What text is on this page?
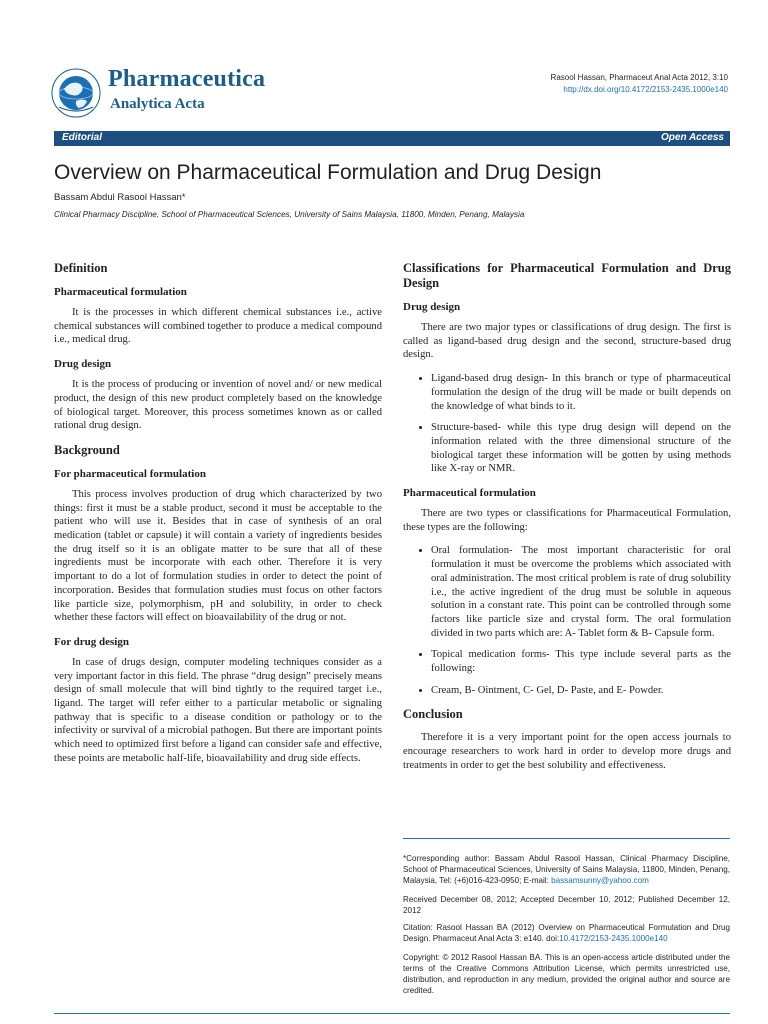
Pharmaceutica
Analytica Acta
Rasool Hassan, Pharmaceut Anal Acta 2012, 3:10
http://dx.doi.org/10.4172/2153-2435.1000e140
Editorial	Open Access
Overview on Pharmaceutical Formulation and Drug Design
Bassam Abdul Rasool Hassan*
Clinical Pharmacy Discipline, School of Pharmaceutical Sciences, University of Sains Malaysia, 11800, Minden, Penang, Malaysia
Definition
Pharmaceutical formulation

It is the processes in which different chemical substances i.e., active chemical substances will combined together to produce a medical compound i.e., medical drug.

Drug design

It is the process of producing or invention of novel and/ or new medical product, the design of this new product completely based on the knowledge of biological target. Moreover, this process sometimes known as or called rational drug design.

Background
For pharmaceutical formulation

This process involves production of drug which characterized by two things: first it must be a stable product, second it must be acceptable to the patient who will use it. Besides that in case of synthesis of an oral medication (tablet or capsule) it will contain a variety of ingredients besides the drug itself so it is an obligate matter to be sure that all of these ingredients must be incorporate with each other. Therefore it is very important to do a lot of formulation studies in order to detect the point of incorporation. Besides that formulation studies must focus on other factors like particle size, polymorphism, pH and solubility, in order to check whether these factors will effect on bioavailability of the drug or not.

For drug design

In case of drugs design, computer modeling techniques consider as a very important factor in this field. The phrase “drug design” precisely means design of small molecule that will bind tightly to the required target i.e., ligand. The target will refer either to a particular metabolic or signaling pathway that is specific to a disease condition or pathology or to the infectivity or survival of a microbial pathogen. But there are important points which need to optimized first before a ligand can consider safe and effective, these points are metabolic half-life, bioavailability and drug side effects.

Classifications for Pharmaceutical Formulation and Drug Design
Drug design

There are two major types or classifications of drug design. The first is called as ligand-based drug design and the second, structure-based drug design.

• Ligand-based drug design- In this branch or type of pharmaceutical formulation the design of the drug will be made or built depends on the knowledge of what binds to it.
• Structure-based- while this type drug design will depend on the information related with the three dimensional structure of the biological target these information will be gotten by using methods like X-ray or NMR.
Pharmaceutical formulation

There are two types or classifications for Pharmaceutical Formulation, these types are the following:

• Oral formulation- The most important characteristic for oral formulation it must be overcome the problems which associated with oral administration. The most critical problem is rate of drug solubility i.e., the active ingredient of the drug must be soluble in aqueous solution in a constant rate. This point can be controlled through some factors like particle size and crystal form. The oral formulation divided in two parts which are: A- Tablet form & B- Capsule form.
• Topical medication forms- This type include several parts as the following:
• Cream, B- Ointment, C- Gel, D- Paste, and E- Powder.
Conclusion

Therefore it is a very important point for the open access journals to encourage researchers to work hard in order to develop more drugs and treatments in order to get the best solubility and effectiveness.

*Corresponding author: Bassam Abdul Rasool Hassan, Clinical Pharmacy Discipline, School of Pharmaceutical Sciences, University of Sains Malaysia, 11800, Minden, Penang, Malaysia, Tel: (+6)016-423-0950; E-mail: bassamsunny@yahoo.com
Received December 08, 2012; Accepted December 10, 2012; Published December 12, 2012
Citation: Rasool Hassan BA (2012) Overview on Pharmaceutical Formulation and Drug Design. Pharmaceut Anal Acta 3: e140. doi:10.4172/2153-2435.1000e140
Copyright: © 2012 Rasool Hassan BA. This is an open-access article distributed under the terms of the Creative Commons Attribution License, which permits unrestricted use, distribution, and reproduction in any medium, provided the original author and source are credited.
